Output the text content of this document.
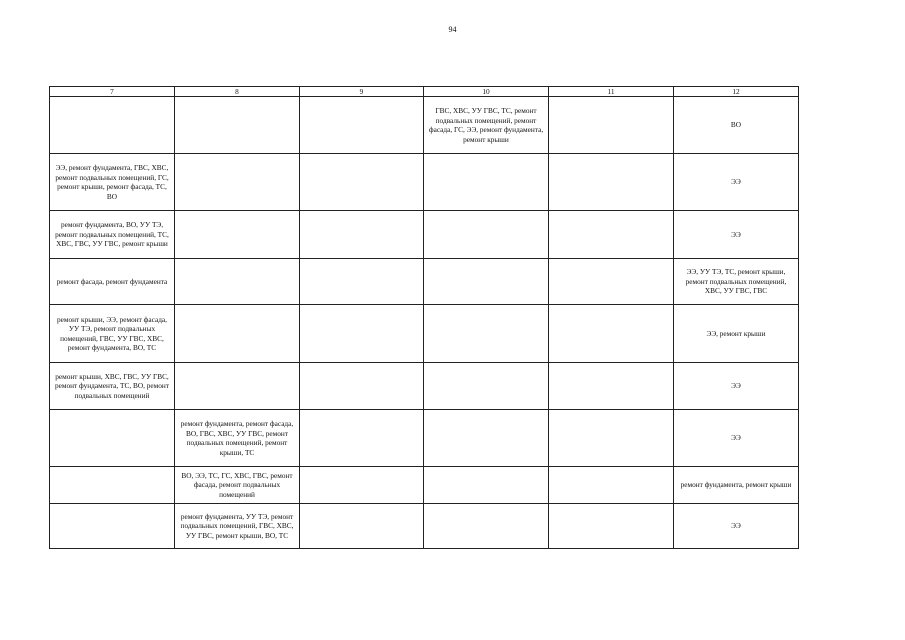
94
7	8	9	10	11	12
			ГВС, ХВС, УУ ГВС, ТС, ремонт подвальных помещений, ремонт фасада, ГС, ЭЭ, ремонт фундамента, ремонт крыши		ВО
ЭЭ, ремонт фундамента, ГВС, ХВС, ремонт подвальных помещений, ГС, ремонт крыши, ремонт фасада, ТС, ВО					ЭЭ
ремонт фундамента, ВО, УУ ТЭ, ремонт подвальных помещений, ТС, ХВС, ГВС, УУ ГВС, ремонт крыши					ЭЭ
ремонт фасада, ремонт фундамента					ЭЭ, УУ ТЭ, ТС, ремонт крыши, ремонт подвальных помещений, ХВС, УУ ГВС, ГВС
ремонт крыши, ЭЭ, ремонт фасада, УУ ТЭ, ремонт подвальных помещений, ГВС, УУ ГВС, ХВС, ремонт фундамента, ВО, ТС					ЭЭ, ремонт крыши
ремонт крыши, ХВС, ГВС, УУ ГВС, ремонт фундамента, ТС, ВО, ремонт подвальных помещений					ЭЭ
	ремонт фундамента, ремонт фасада, ВО, ГВС, ХВС, УУ ГВС, ремонт подвальных помещений, ремонт крыши, ТС				ЭЭ
	ВО, ЭЭ, ТС, ГС, ХВС, ГВС, ремонт фасада, ремонт подвальных помещений				ремонт фундамента, ремонт крыши
	ремонт фундамента, УУ ТЭ, ремонт подвальных помещений, ГВС, ХВС, УУ ГВС, ремонт крыши, ВО, ТС				ЭЭ
